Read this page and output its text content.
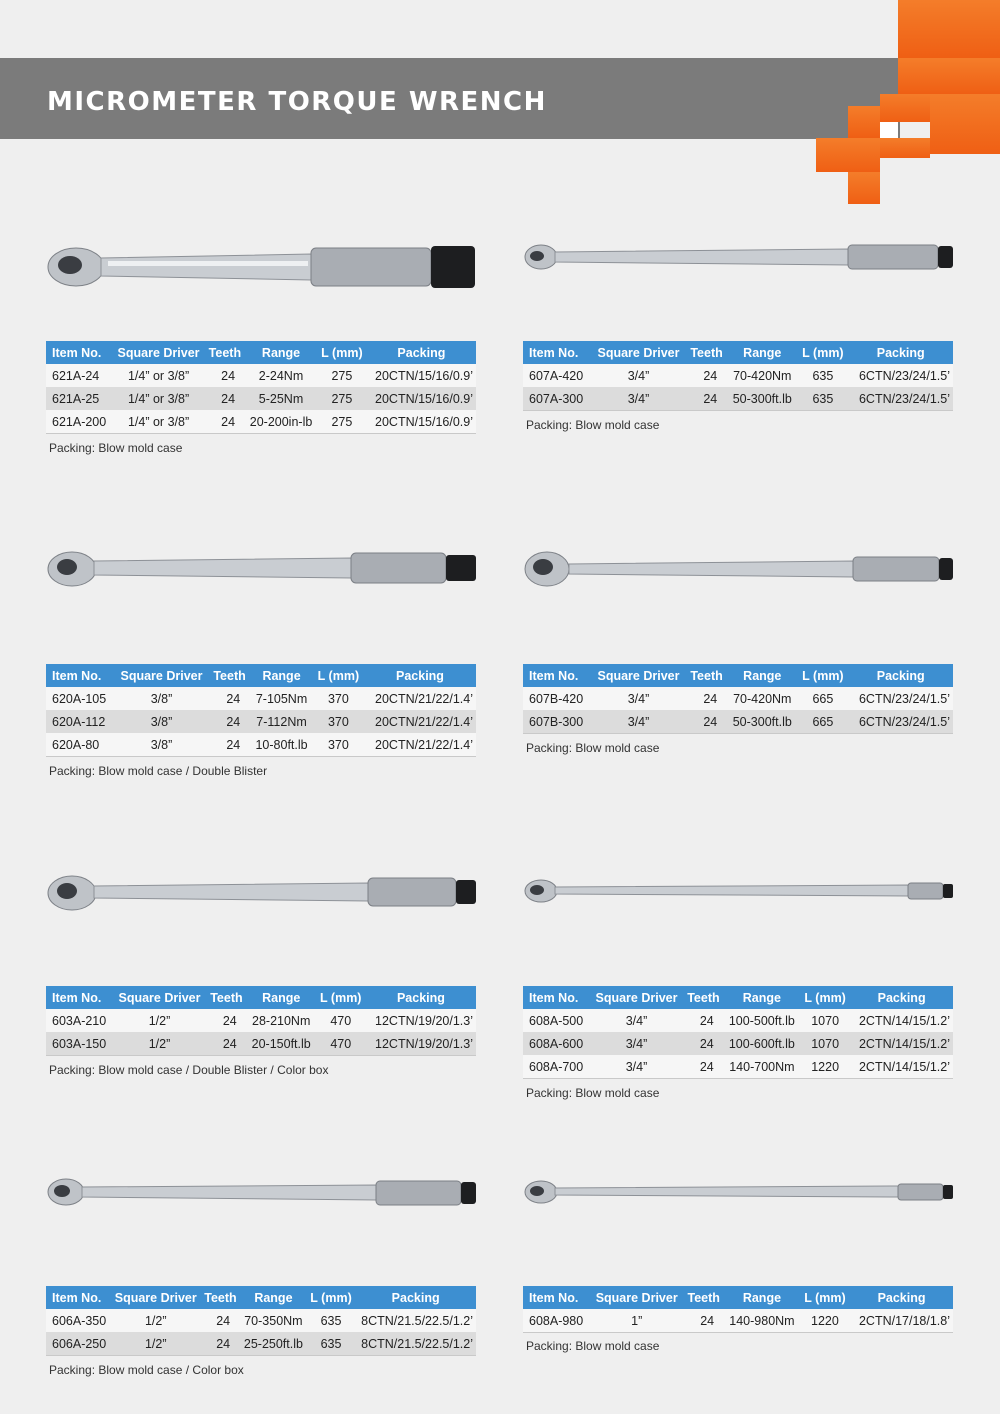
MICROMETER TORQUE WRENCH
Item No.	Square Driver	Teeth	Range	L (mm)	Packing
621A-24	1/4” or 3/8”	24	2-24Nm	275	20CTN/15/16/0.9’
621A-25	1/4” or 3/8”	24	5-25Nm	275	20CTN/15/16/0.9’
621A-200	1/4” or 3/8”	24	20-200in-lb	275	20CTN/15/16/0.9’
Packing: Blow mold case
Item No.	Square Driver	Teeth	Range	L (mm)	Packing
607A-420	3/4”	24	70-420Nm	635	6CTN/23/24/1.5’
607A-300	3/4”	24	50-300ft.lb	635	6CTN/23/24/1.5’
Packing: Blow mold case
Item No.	Square Driver	Teeth	Range	L (mm)	Packing
620A-105	3/8”	24	7-105Nm	370	20CTN/21/22/1.4’
620A-112	3/8”	24	7-112Nm	370	20CTN/21/22/1.4’
620A-80	3/8”	24	10-80ft.lb	370	20CTN/21/22/1.4’
Packing: Blow mold case / Double Blister
Item No.	Square Driver	Teeth	Range	L (mm)	Packing
607B-420	3/4”	24	70-420Nm	665	6CTN/23/24/1.5’
607B-300	3/4”	24	50-300ft.lb	665	6CTN/23/24/1.5’
Packing: Blow mold case
Item No.	Square Driver	Teeth	Range	L (mm)	Packing
603A-210	1/2”	24	28-210Nm	470	12CTN/19/20/1.3’
603A-150	1/2”	24	20-150ft.lb	470	12CTN/19/20/1.3’
Packing: Blow mold case / Double Blister / Color box
Item No.	Square Driver	Teeth	Range	L (mm)	Packing
608A-500	3/4”	24	100-500ft.lb	1070	2CTN/14/15/1.2’
608A-600	3/4”	24	100-600ft.lb	1070	2CTN/14/15/1.2’
608A-700	3/4”	24	140-700Nm	1220	2CTN/14/15/1.2’
Packing: Blow mold case
Item No.	Square Driver	Teeth	Range	L (mm)	Packing
606A-350	1/2”	24	70-350Nm	635	8CTN/21.5/22.5/1.2’
606A-250	1/2”	24	25-250ft.lb	635	8CTN/21.5/22.5/1.2’
Packing: Blow mold case / Color box
Item No.	Square Driver	Teeth	Range	L (mm)	Packing
608A-980	1”	24	140-980Nm	1220	2CTN/17/18/1.8’
Packing: Blow mold case
